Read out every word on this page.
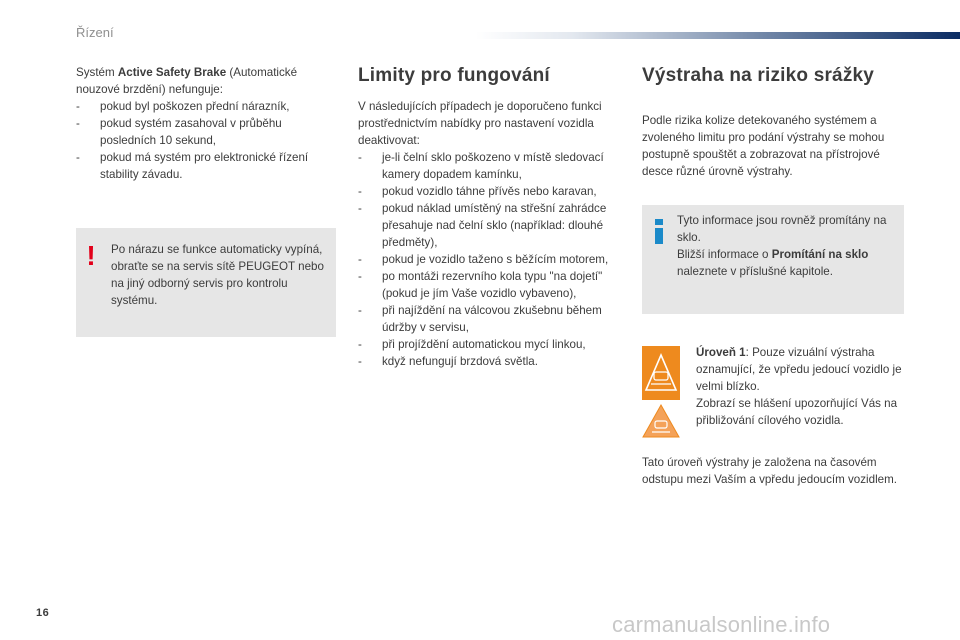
Řízení

Systém Active Safety Brake (Automatické nouzové brzdění) nefunguje:

- pokud byl poškozen přední nárazník,
- pokud systém zasahoval v průběhu posledních 10 sekund,
- pokud má systém pro elektronické řízení stability závadu.
! Po nárazu se funkce automaticky vypíná, obraťte se na servis sítě PEUGEOT nebo na jiný odborný servis pro kontrolu systému.
Limity pro fungování

V následujících případech je doporučeno funkci prostřednictvím nabídky pro nastavení vozidla deaktivovat:

- je-li čelní sklo poškozeno v místě sledovací kamery dopadem kamínku,
- pokud vozidlo táhne přívěs nebo karavan,
- pokud náklad umístěný na střešní zahrádce přesahuje nad čelní sklo (například: dlouhé předměty),
- pokud je vozidlo taženo s běžícím motorem,
- po montáži rezervního kola typu "na dojetí" (pokud je jím Vaše vozidlo vybaveno),
- při najíždění na válcovou zkušebnu během údržby v servisu,
- při projíždění automatickou mycí linkou,
- když nefungují brzdová světla.
Výstraha na riziko srážky

Podle rizika kolize detekovaného systémem a zvoleného limitu pro podání výstrahy se mohou postupně spouštět a zobrazovat na přístrojové desce různé úrovně výstrahy.

Tyto informace jsou rovněž promítány na sklo.

Bližší informace o Promítání na sklo naleznete v příslušné kapitole.

Úroveň 1: Pouze vizuální výstraha oznamující, že vpředu jedoucí vozidlo je velmi blízko.

Zobrazí se hlášení upozorňující Vás na přibližování cílového vozidla.

Tato úroveň výstrahy je založena na časovém odstupu mezi Vaším a vpředu jedoucím vozidlem.
16	carmanualsonline.info
